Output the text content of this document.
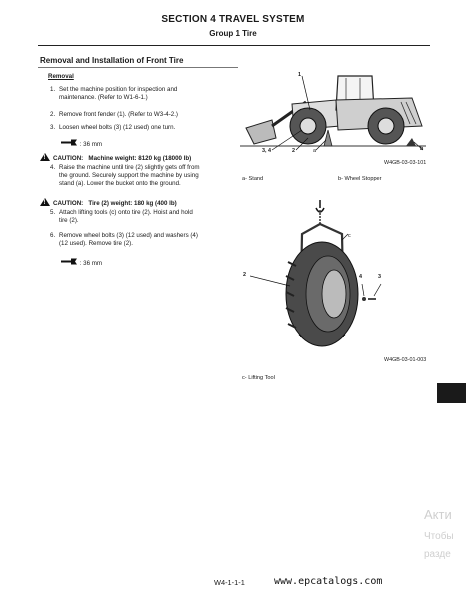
SECTION 4 TRAVEL SYSTEM
Group 1 Tire
Removal and Installation of Front Tire
Removal
1. Set the machine position for inspection and
maintenance. (Refer to W1-6-1.)
2. Remove front fender (1). (Refer to W3-4-2.)
3. Loosen wheel bolts (3) (12 used) one turn.
: 36 mm
!CAUTION: Machine weight: 8120 kg (18000 lb)
4. Raise the machine until tire (2) slightly gets off from
the ground. Securely support the machine by using
stand (a). Lower the bucket onto the ground.
!CAUTION: Tire (2) weight: 180 kg (400 lb)
5. Attach lifting tools (c) onto tire (2). Hoist and hold
tire (2).
6. Remove wheel bolts (3) (12 used) and washers (4)
(12 used). Remove tire (2).
: 36 mm
1
3, 4	2	a	b
W4GB-03-03-101
a- Stand	b- Wheel Stopper
2
c
4	3
W4GB-03-01-003
c- Lifting Tool
Акти
Чтобы
разде
W4-1-1-1	www.epcatalogs.com
